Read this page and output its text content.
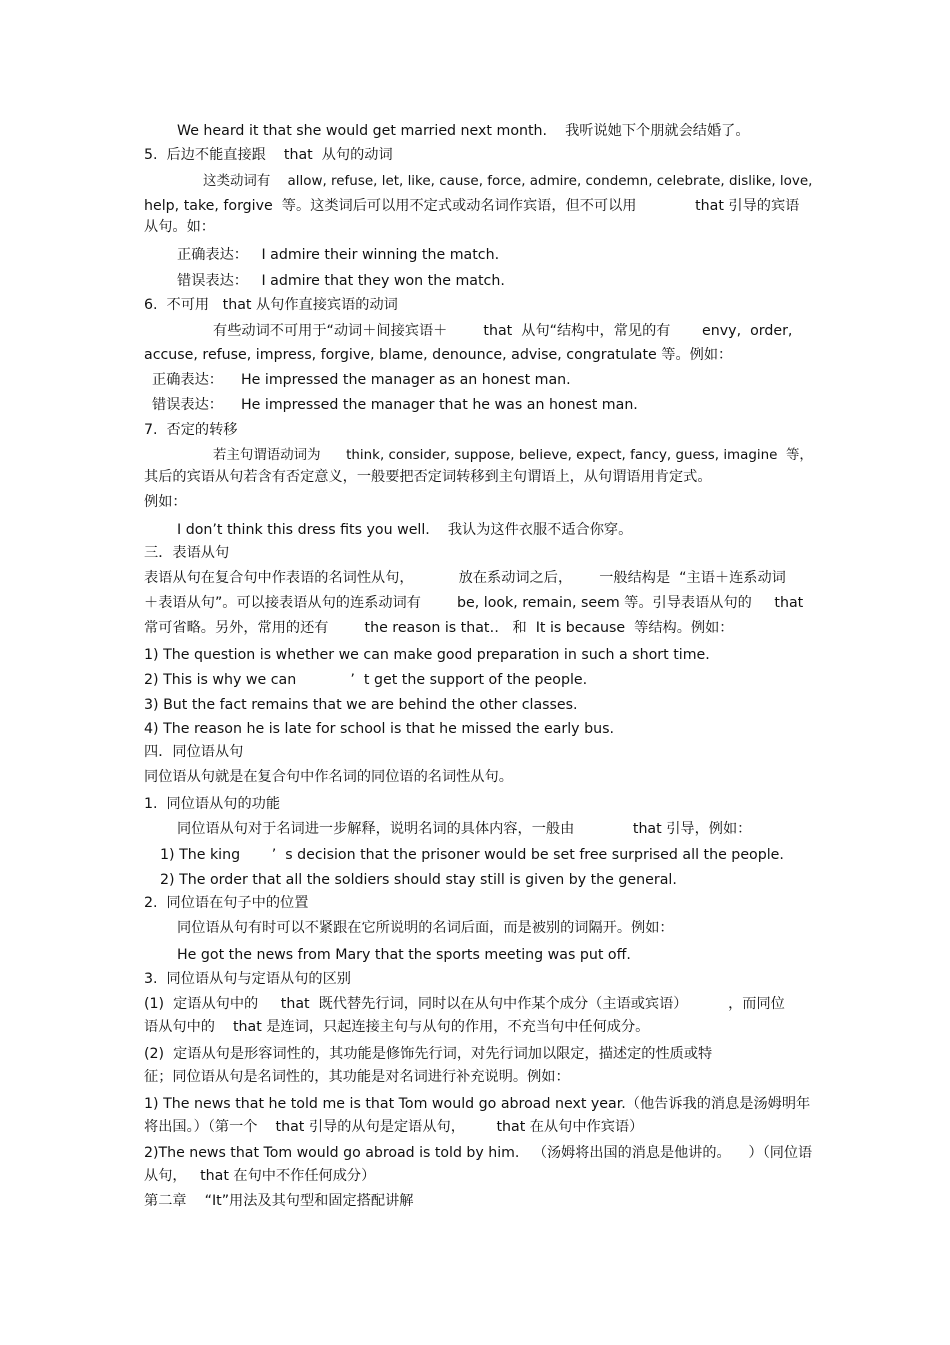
We heard it that she would get married next month.    我听说她下个朋就会结婚了。
5.  后边不能直接跟    that  从句的动词
这类动词有    allow, refuse, let, like, cause, force, admire, condemn, celebrate, dislike, love,
help, take, forgive  等。这类词后可以用不定式或动名词作宾语，但不可以用             that 引导的宾语
从句。如：
正确表达：   I admire their winning the match.
错误表达：   I admire that they won the match.
6.  不可用   that 从句作直接宾语的动词
有些动词不可用于“动词＋间接宾语＋        that  从句“结构中，常见的有       envy,  order,
accuse, refuse, impress, forgive, blame, denounce, advise, congratulate 等。例如：
正确表达：    He impressed the manager as an honest man.
错误表达：    He impressed the manager that he was an honest man.
7.  否定的转移
若主句谓语动词为      think, consider, suppose, believe, expect, fancy, guess, imagine  等，
其后的宾语从句若含有否定意义，一般要把否定词转移到主句谓语上，从句谓语用肯定式。
例如：
I don’t think this dress fits you well.    我认为这件衣服不适合你穿。
三．表语从句
表语从句在复合句中作表语的名词性从句，          放在系动词之后，      一般结构是  “主语＋连系动词
＋表语从句”。可以接表语从句的连系动词有        be, look, remain, seem 等。引导表语从句的     that
常可省略。另外，常用的还有        the reason is that‥   和  It is because  等结构。例如：
1) The question is whether we can make good preparation in such a short time.
2) This is why we can            ’  t get the support of the people.
3) But the fact remains that we are behind the other classes.
4) The reason he is late for school is that he missed the early bus.
四．同位语从句
同位语从句就是在复合句中作名词的同位语的名词性从句。
1.  同位语从句的功能
同位语从句对于名词进一步解释，说明名词的具体内容，一般由             that 引导，例如：
1) The king       ’  s decision that the prisoner would be set free surprised all the people.
2) The order that all the soldiers should stay still is given by the general.
2.  同位语在句子中的位置
同位语从句有时可以不紧跟在它所说明的名词后面，而是被别的词隔开。例如：
He got the news from Mary that the sports meeting was put off.
3.  同位语从句与定语从句的区别
(1)  定语从句中的     that  既代替先行词，同时以在从句中作某个成分（主语或宾语）         ，而同位
语从句中的    that 是连词，只起连接主句与从句的作用，不充当句中任何成分。
(2)  定语从句是形容词性的，其功能是修饰先行词，对先行词加以限定，描述定的性质或特
征；同位语从句是名词性的，其功能是对名词进行补充说明。例如：
1) The news that he told me is that Tom would go abroad next year.（他告诉我的消息是汤姆明年
将出国。）（第一个    that 引导的从句是定语从句，       that 在从句中作宾语）
2)The news that Tom would go abroad is told by him.   （汤姆将出国的消息是他讲的。    ）（同位语
从句，   that 在句中不作任何成分）
第二章    “It”用法及其句型和固定搭配讲解
